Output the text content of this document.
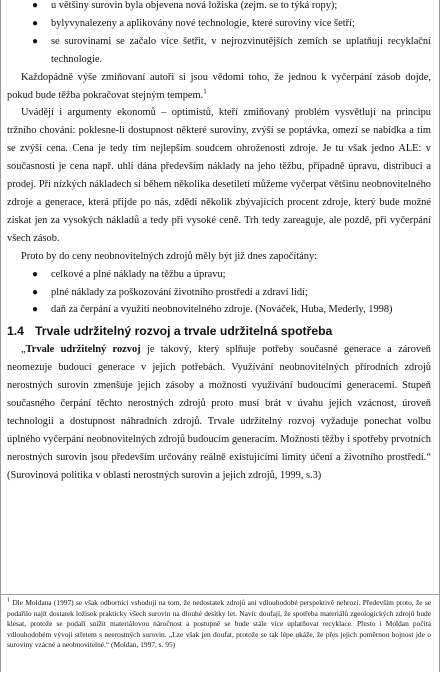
● u většiny surovin byla objevena nová ložiska (zejm. se to týká ropy);
● bylyvynalezeny a aplikovány nové technologie, které suroviny více šetří;
● se surovinami se začalo více šetřit, v nejrozvinutějších zemích se uplatňují recyklační technologie.

Každopádně výše zmiňovaní autoři si jsou vědomi toho, že jednou k vyčerpání zásob dojde, pokud bude těžba pokračovat stejným tempem.$^1$

Uvádějí i argumenty ekonomů – optimistů, kteří zmiňovaný problém vysvětlují na principu tržního chování: poklesne-li dostupnost některé suroviny, zvýší se poptávka, omezí se nabídka a tím se zvýší cena. Cena je tedy tím nejlepším soudcem ohroženosti zdroje. Je tu však jedno ALE: v současnosti je cena např. uhlí dána především náklady na jeho těžbu, případně úpravu, distribuci a prodej. Při nízkých nákladech si během několika desetiletí můžeme vyčerpat většinu neobnovitelného zdroje a generace, která přijde po nás, zdědí několik zbývajících procent zdroje, který bude možné získat jen za vysokých nákladů a tedy při vysoké ceně. Trh tedy zareaguje, ale pozdě, při vyčerpání všech zásob.

Proto by do ceny neobnovitelných zdrojů měly být již dnes započítány:

● celkové a plné náklady na těžbu a úpravu;
● plné náklady za poškozování životního prostředí a zdraví lidí;
● daň za čerpání a využití neobnovitelného zdroje. (Nováček, Huba, Mederly, 1998)
1.4 Trvale udržitelný rozvoj a trvale udržitelná spotřeba

„Trvale udržitelný rozvoj je takový, který splňuje potřeby současné generace a zároveň neomezuje budoucí generace v jejich potřebách. Využívání neobnovitelných přírodních zdrojů nerostných surovin zmenšuje jejich zásoby a možnosti využívání budoucími generacemi. Stupeň současného čerpání těchto nerostných zdrojů proto musí brát v úvahu jejich vzácnost, úroveň technologií a dostupnost náhradních zdrojů. Trvale udržitelný rozvoj vyžaduje ponechat volbu úplného vyčerpání neobnovitelných zdrojů budoucím generacím. Možnosti těžby i spotřeby prvotních nerostných surovin jsou především určovány reálně existujícími limity účení a životního prostředí.“ (Surovinová politika v oblasti nerostných surovin a jejich zdrojů, 1999, s.3)

$^1$ Dle Moldana (1997) se však odborníci vshodují na tom, že nedostatek zdrojů ani vdlouhodobé perspektivě nehrozí. Především proto, že se podařilo najít dostatek ložisek prakticky všech surovin na dlouhé desítky let. Navíc doufají, že spotřeba materiálů zgeologických zdrojů bude klesat, protože se podaří snížit materiálovou náročnost a postupně se bude stále více uplatňovat recyklace. Přesto i Moldan počítá vdlouhodobém vývoji střetem s neerostných surovin. „Lze však jen doufat, protože se tak lépe ukáže, že přes jejich poměrnou hojnost jde o suroviny vzácné a neobnovitelné.“ (Moldan, 1997, s. 95)
